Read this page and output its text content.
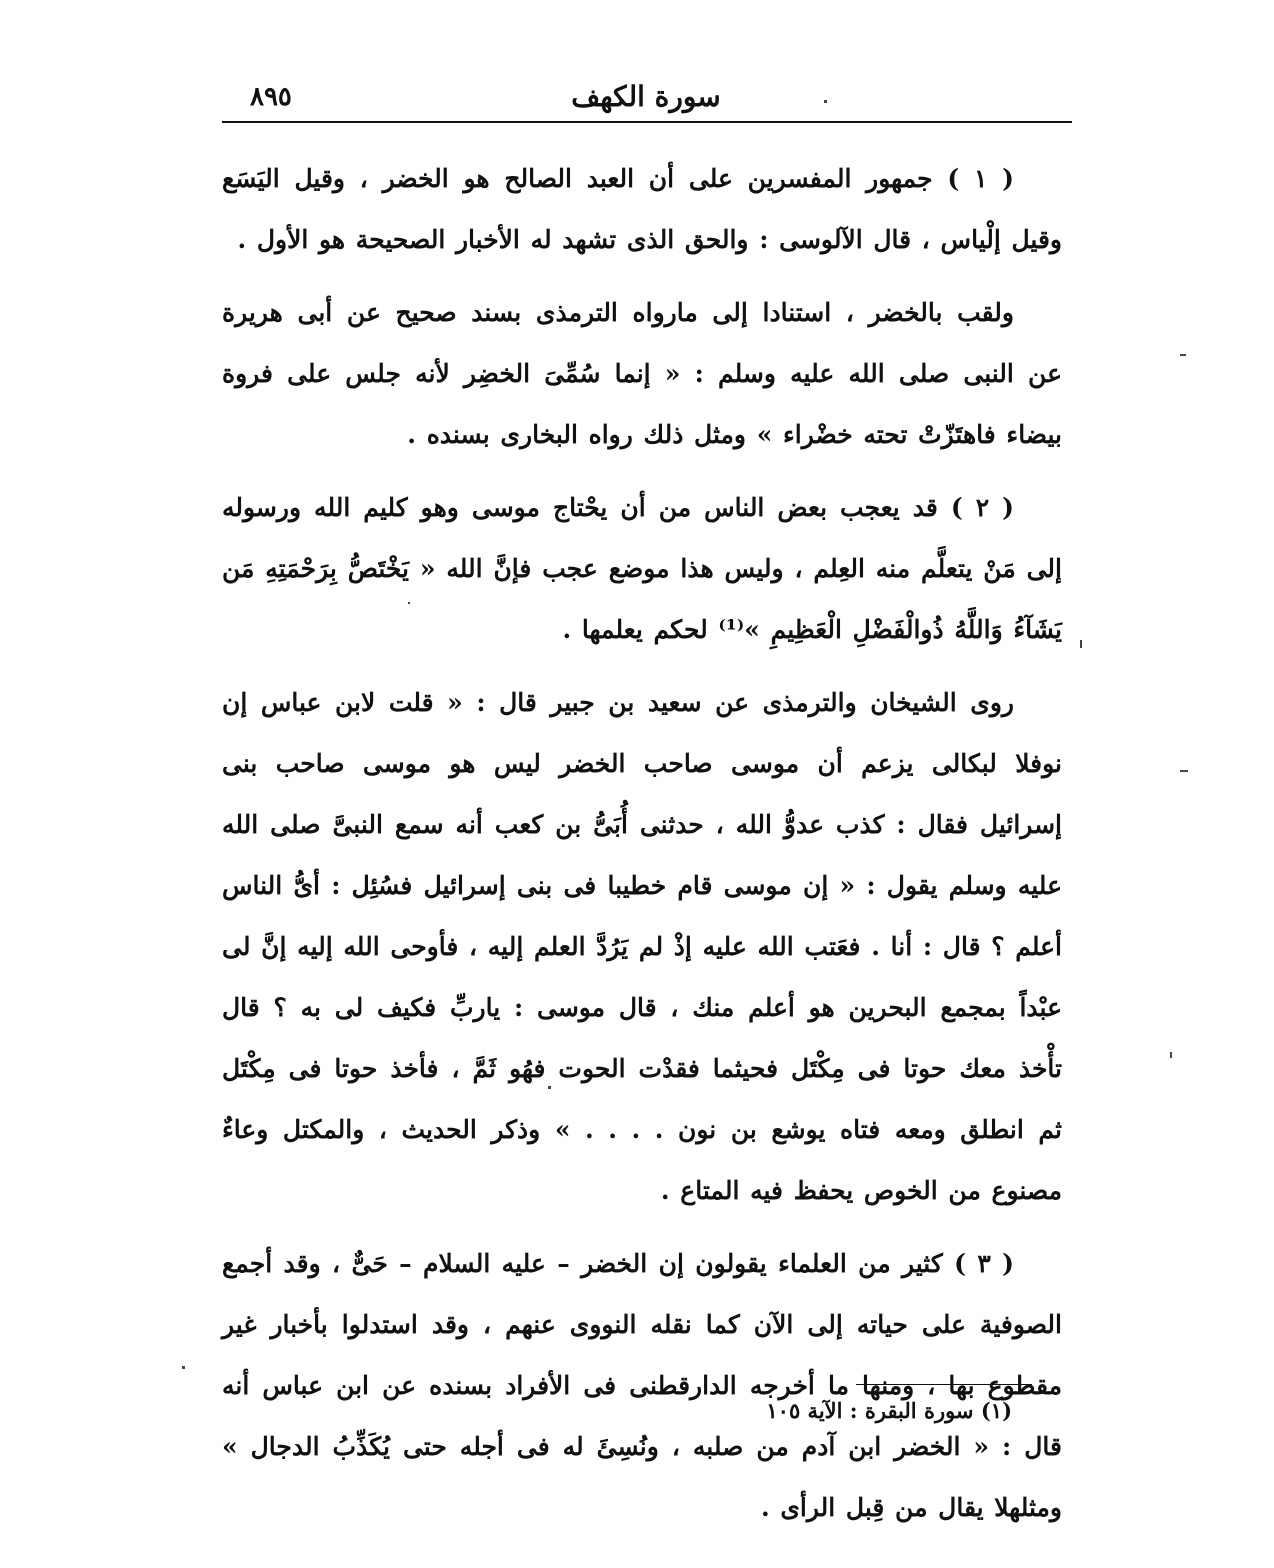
٨٩٥	سورة الكهف

( ١ ) جمهور المفسرين على أن العبد الصالح هو الخضر ، وقيل اليَسَع وقيل إلْياس ، قال الآلوسى : والحق الذى تشهد له الأخبار الصحيحة هو الأول .

ولقب بالخضر ، استنادا إلى مارواه الترمذى بسند صحيح عن أبى هريرة عن النبى صلى الله عليه وسلم : « إنما سُمِّىَ الخضِر لأنه جلس على فروة بيضاء فاهتَزّتْ تحته خضْراء » ومثل ذلك رواه البخارى بسنده .

( ٢ ) قد يعجب بعض الناس من أن يحْتاج موسى وهو كليم الله ورسوله إلى مَنْ يتعلَّم منه العِلم ، وليس هذا موضع عجب فإنَّ الله « يَخْتَصُّ بِرَحْمَتِهِ مَن يَشَآءُ وَاللَّهُ ذُوالْفَضْلِ الْعَظِيمِ »⁽¹⁾ لحكم يعلمها .

روى الشيخان والترمذى عن سعيد بن جبير قال : « قلت لابن عباس إن نوفلا لبكالى يزعم أن موسى صاحب الخضر ليس هو موسى صاحب بنى إسرائيل فقال : كذب عدوُّ الله ، حدثنى أُبَىُّ بن كعب أنه سمع النبىَّ صلى الله عليه وسلم يقول : « إن موسى قام خطيبا فى بنى إسرائيل فسُئِل : أىُّ الناس أعلم ؟ قال : أنا . فعَتب الله عليه إذْ لم يَرُدَّ العلم إليه ، فأوحى الله إليه إنَّ لى عبْداً بمجمع البحرين هو أعلم منك ، قال موسى : ياربِّ فكيف لى به ؟ قال تأْخذ معك حوتا فى مِكْتَل فحيثما فقدْت الحوت فهُو ثَمَّ ، فأخذ حوتا فى مِكْتَل ثم انطلق ومعه فتاه يوشع بن نون . . . . » وذكر الحديث ، والمكتل وعاءٌ مصنوع من الخوص يحفظ فيه المتاع .

( ٣ ) كثير من العلماء يقولون إن الخضر – عليه السلام – حَىٌّ ، وقد أجمع الصوفية على حياته إلى الآن كما نقله النووى عنهم ، وقد استدلوا بأخبار غير مقطوع بها ، ومنها ما أخرجه الدارقطنى فى الأفراد بسنده عن ابن عباس أنه قال : « الخضر ابن آدم من صلبه ، ونُسِئَ له فى أجله حتى يُكَذِّبُ الدجال » ومثلهلا يقال من قِبل الرأى .

(١) سورة البقرة : الآية ١٠٥
